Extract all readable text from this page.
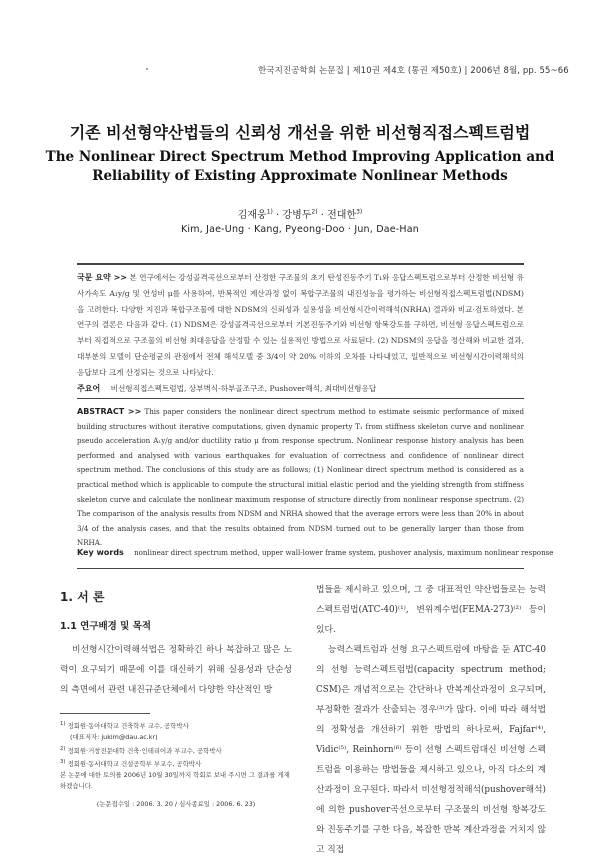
한국지진공학회 논문집 | 제10권 제4호 (통권 제50호) | 2006년 8월, pp. 55~66
기존 비선형약산법들의 신뢰성 개선을 위한 비선형직접스펙트럼법
The Nonlinear Direct Spectrum Method Improving Application and
Reliability of Existing Approximate Nonlinear Methods
김재웅$^{1)}$ · 강병두$^{2)}$ · 전대한$^{3)}$
Kim, Jae-Ung · Kang, Pyeong-Doo · Jun, Dae-Han
국문 요약 >> 본 연구에서는 강성골격곡선으로부터 산정한 구조물의 초기 탄성진동주기 T₁와 응답스펙트럼으로부터 산정한 비선형 유사가속도 A₁y/g 및 연성비 μ를 사용하여, 반복적인 계산과정 없이 복합구조물의 내진성능을 평가하는 비선형직접스펙트럼법(NDSM)을 고려한다. 다양한 지진과 복합구조물에 대한 NDSM의 신뢰성과 실용성을 비선형시간이력해석(NRHA) 결과와 비교·검토하였다. 본 연구의 결론은 다음과 같다. (1) NDSM은 강성골격곡선으로부터 기본진동주기와 비선형 항복강도를 구하면, 비선형 응답스펙트럼으로부터 직접적으로 구조물의 비선형 최대응답을 산정할 수 있는 실용적인 방법으로 사료된다. (2) NDSM의 응답을 정산해와 비교한 결과, 대부분의 모델이 단순평균의 관점에서 전체 해석모델 중 3/4이 약 20% 이하의 오차를 나타내었고, 일반적으로 비선형시간이력해석의 응답보다 크게 산정되는 것으로 나타났다.
주요어 비선형직접스펙트럼법, 상부벽식-하부골조구조, Pushover해석, 최대비선형응답
ABSTRACT >> This paper considers the nonlinear direct spectrum method to estimate seismic performance of mixed building structures without iterative computations, given dynamic property T₁ from stiffness skeleton curve and nonlinear pseudo acceleration A₁y/g and/or ductility ratio μ from response spectrum. Nonlinear response history analysis has been performed and analysed with various earthquakes for evaluation of correctness and confidence of nonlinear direct spectrum method. The conclusions of this study are as follows; (1) Nonlinear direct spectrum method is considered as a practical method which is applicable to compute the structural initial elastic period and the yielding strength from stiffness skeleton curve and calculate the nonlinear maximum response of structure directly from nonlinear response spectrum. (2) The comparison of the analysis results from NDSM and NRHA showed that the average errors were less than 20% in about 3/4 of the analysis cases, and that the results obtained from NDSM turned out to be generally larger than those from NRHA.
Key words nonlinear direct spectrum method, upper wall-lower frame system, pushover analysis, maximum nonlinear response
1. 서 론
1.1 연구배경 및 목적
비선형시간이력해석법은 정확하긴 하나 복잡하고 많은 노력이 요구되기 때문에 이를 대신하기 위해 실용성과 단순성의 측면에서 관련 내진규준단체에서 다양한 약산적인 방
$^{1)}$ 정회원·동아대학교 건축학부 교수, 공학박사
(대표저자: jukim@dau.ac.kr)
$^{2)}$ 정회원·거창전문대학 건축·인테리어과 부교수, 공학박사
$^{3)}$ 정회원·동서대학교 건설공학부 부교수, 공학박사
본 논문에 대한 토의를 2006년 10월 30일까지 학회로 보내 주시면 그 결과를 게재하겠습니다.
(논문접수일 : 2006. 3. 20 / 심사종료일 : 2006. 6. 23)

법들을 제시하고 있으며, 그 중 대표적인 약산법들로는 능력스펙트럼법(ATC-40)⁽¹⁾, 변위계수법(FEMA-273)⁽²⁾ 등이 있다.

능력스펙트럼과 선형 요구스펙트럼에 바탕을 둔 ATC-40의 선형 능력스펙트럼법(capacity spectrum method; CSM)은 개념적으로는 간단하나 반복계산과정이 요구되며, 부정확한 결과가 산출되는 경우⁽³⁾가 많다. 이에 따라 해석법의 정확성을 개선하기 위한 방법의 하나로써, Fajfar⁽⁴⁾, Vidic⁽⁵⁾, Reinhorn⁽⁶⁾ 등이 선형 스펙트럼대신 비선형 스펙트럼을 이용하는 방법들을 제시하고 있으나, 아직 다소의 계산과정이 요구된다. 따라서 비선형정적해석(pushover해석)에 의한 pushover곡선으로부터 구조물의 비선형 항복강도와 진동주기를 구한 다음, 복잡한 반복 계산과정을 거치지 않고 직접
